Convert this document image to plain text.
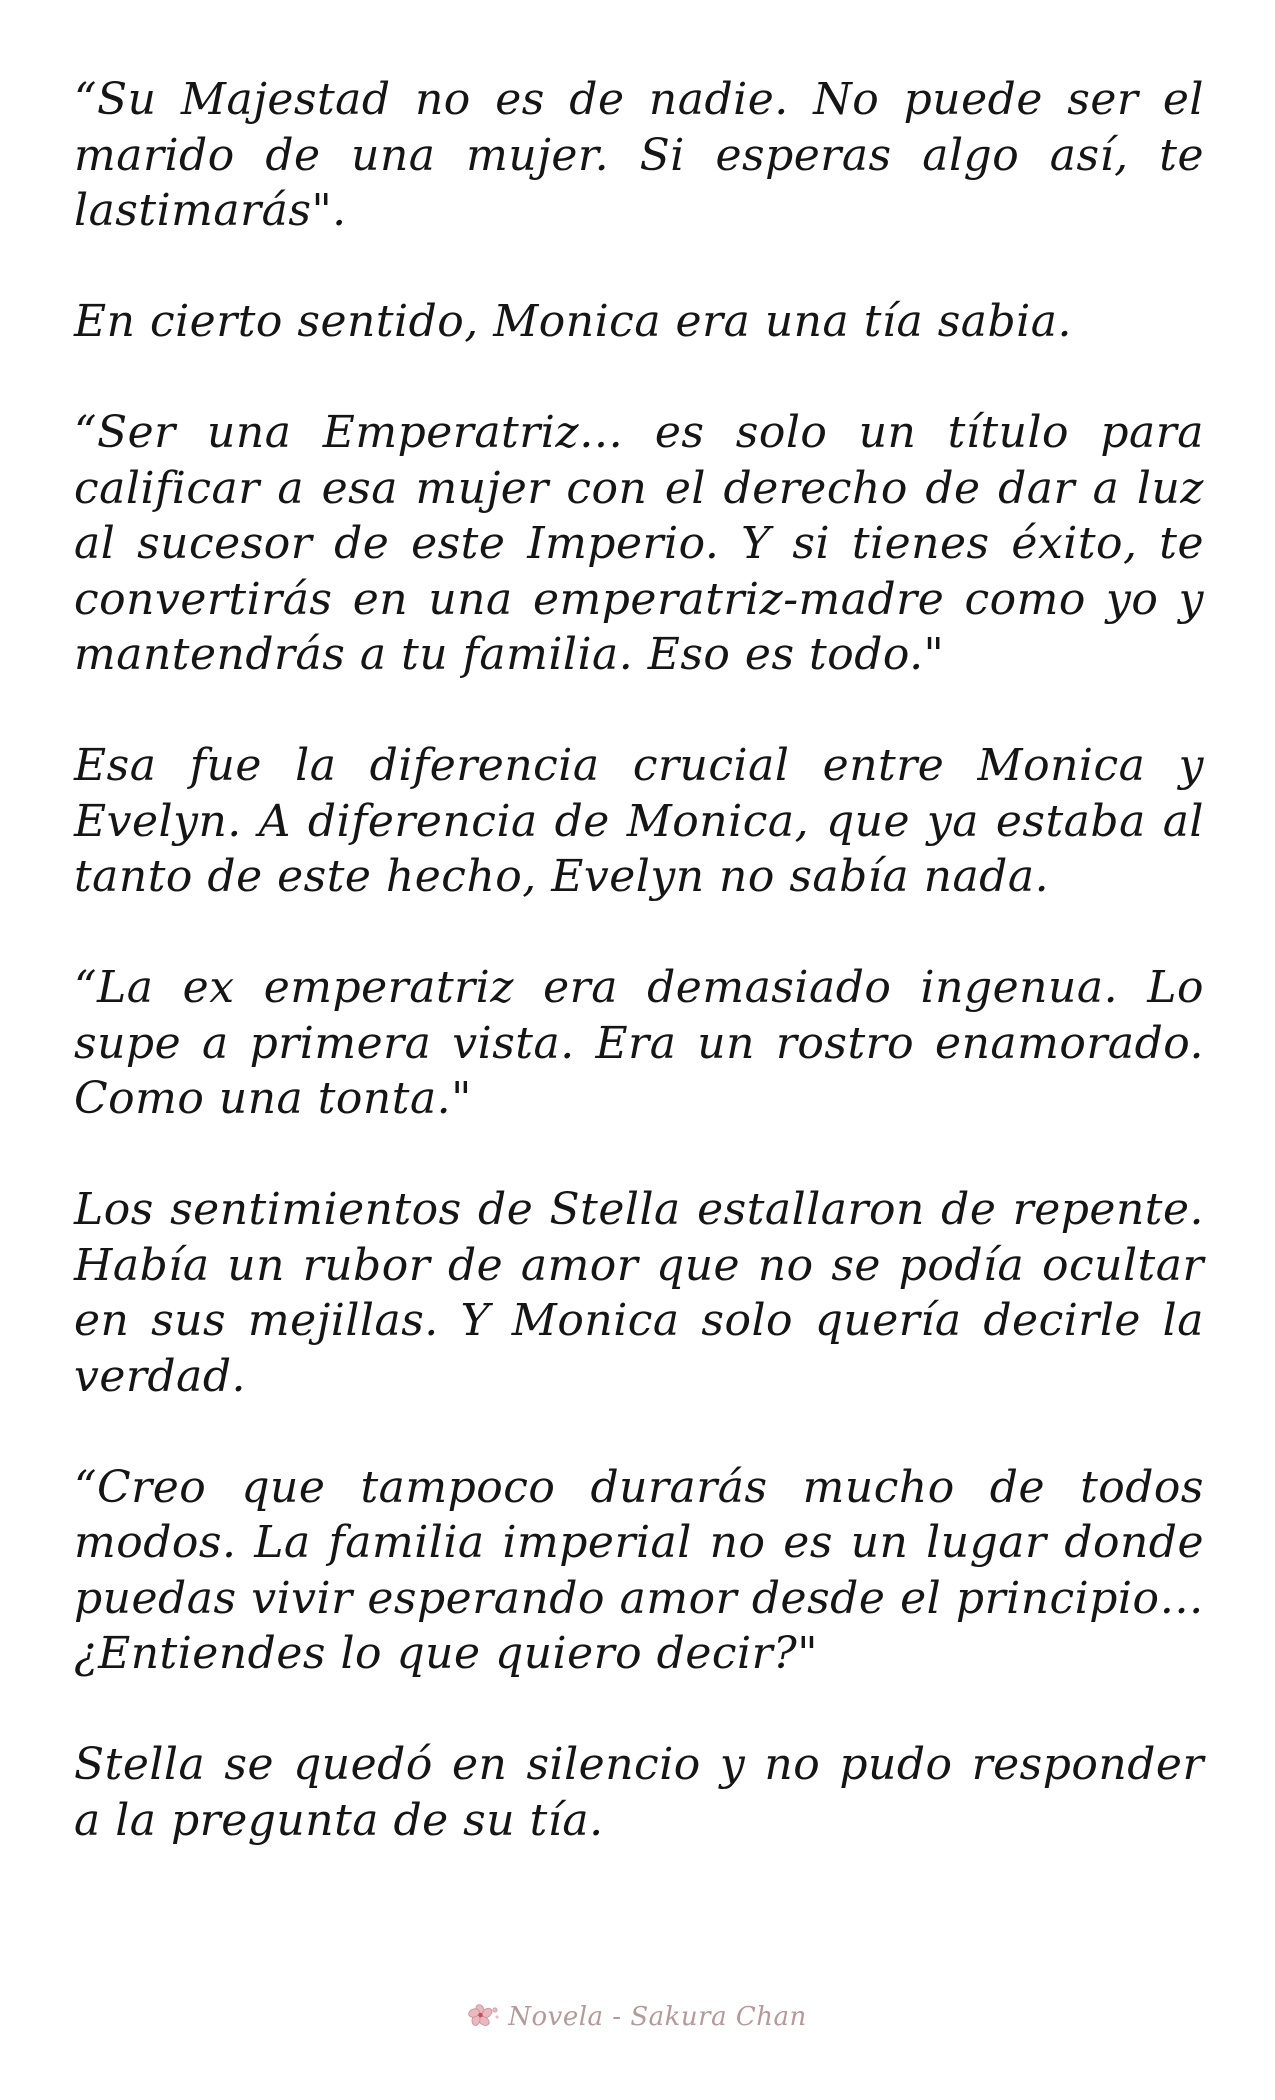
“Su Majestad no es de nadie. No puede ser el marido de una mujer. Si esperas algo así, te lastimarás".

En cierto sentido, Monica era una tía sabia.

“Ser una Emperatriz… es solo un título para calificar a esa mujer con el derecho de dar a luz al sucesor de este Imperio. Y si tienes éxito, te convertirás en una emperatriz-madre como yo y mantendrás a tu familia. Eso es todo."

Esa fue la diferencia crucial entre Monica y Evelyn. A diferencia de Monica, que ya estaba al tanto de este hecho, Evelyn no sabía nada.

“La ex emperatriz era demasiado ingenua. Lo supe a primera vista. Era un rostro enamorado. Como una tonta."

Los sentimientos de Stella estallaron de repente. Había un rubor de amor que no se podía ocultar en sus mejillas. Y Monica solo quería decirle la verdad.

“Creo que tampoco durarás mucho de todos modos. La familia imperial no es un lugar donde puedas vivir esperando amor desde el principio… ¿Entiendes lo que quiero decir?"

Stella se quedó en silencio y no pudo responder a la pregunta de su tía.

Novela - Sakura Chan
